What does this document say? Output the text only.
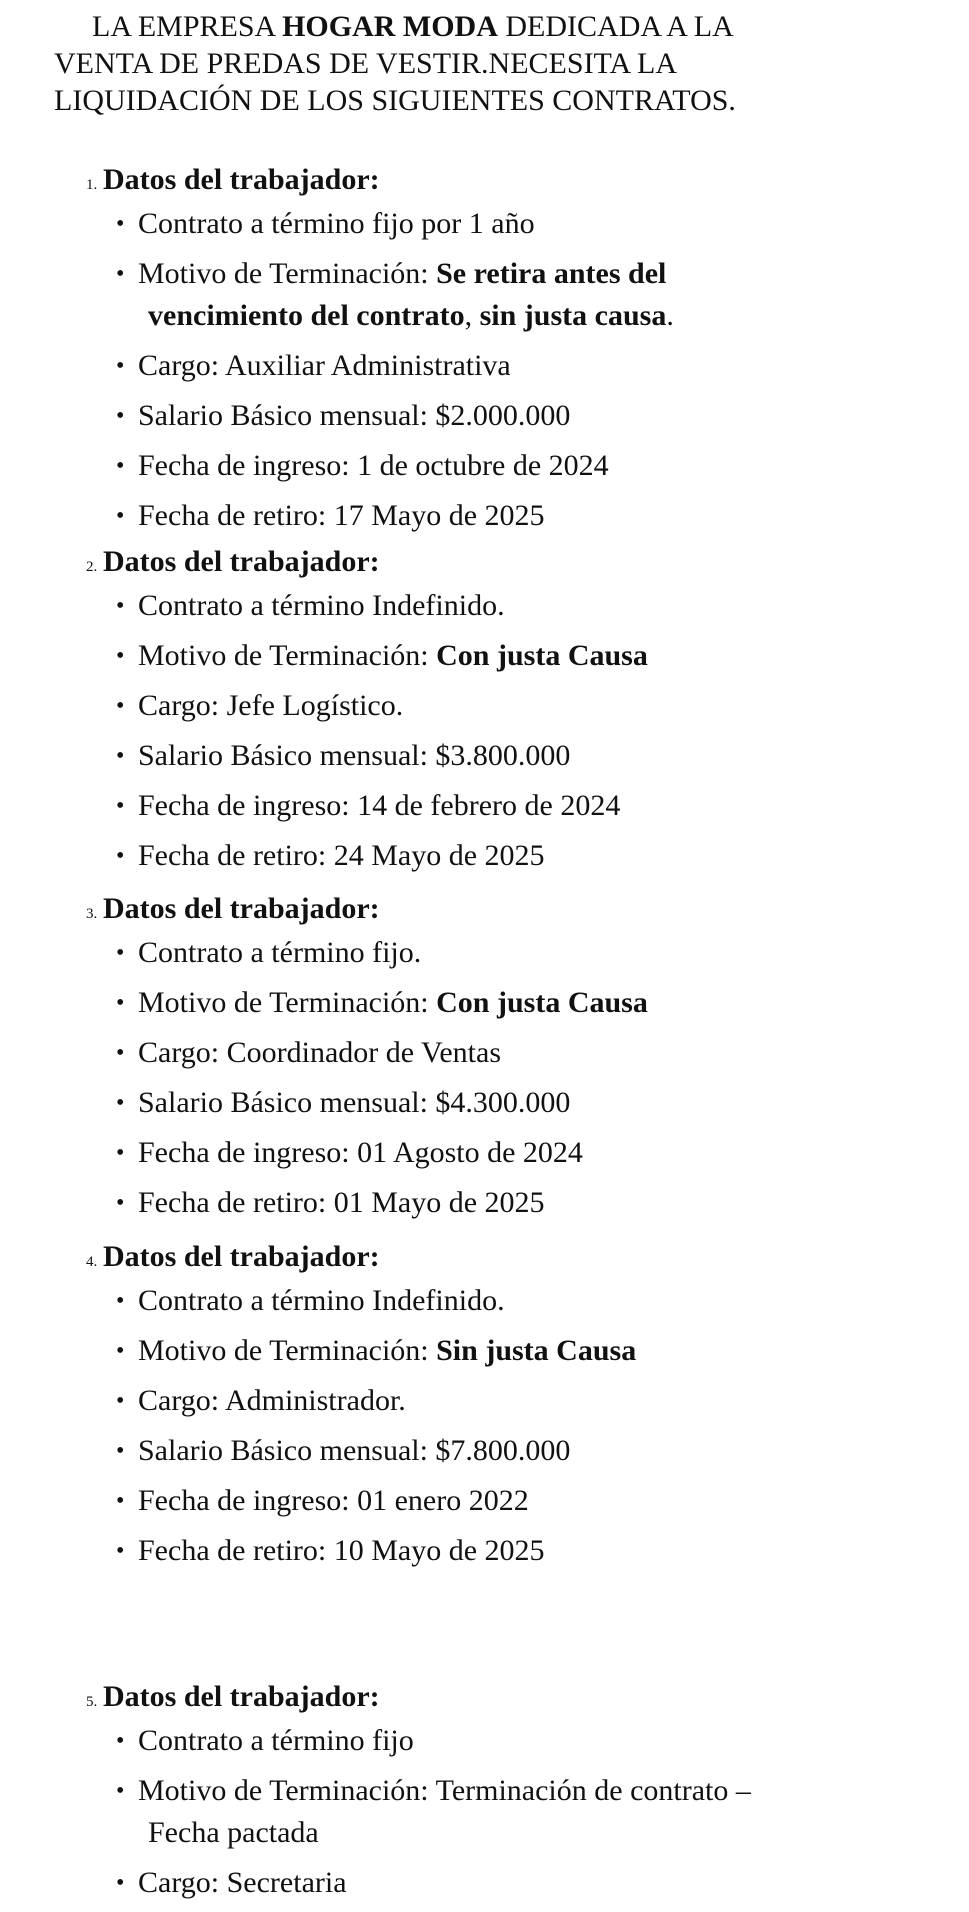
LA EMPRESA HOGAR MODA DEDICADA A LA
VENTA DE PREDAS DE VESTIR.NECESITA LA
LIQUIDACIÓN DE LOS SIGUIENTES CONTRATOS.
1. Datos del trabajador:
• Contrato a término fijo por 1 año
• Motivo de Terminación: Se retira antes del
vencimiento del contrato, sin justa causa.
• Cargo: Auxiliar Administrativa
• Salario Básico mensual: $2.000.000
• Fecha de ingreso: 1 de octubre de 2024
• Fecha de retiro: 17 Mayo de 2025
2. Datos del trabajador:
• Contrato a término Indefinido.
• Motivo de Terminación: Con justa Causa
• Cargo: Jefe Logístico.
• Salario Básico mensual: $3.800.000
• Fecha de ingreso: 14 de febrero de 2024
• Fecha de retiro: 24 Mayo de 2025
3. Datos del trabajador:
• Contrato a término fijo.
• Motivo de Terminación: Con justa Causa
• Cargo: Coordinador de Ventas
• Salario Básico mensual: $4.300.000
• Fecha de ingreso: 01 Agosto de 2024
• Fecha de retiro: 01 Mayo de 2025
4. Datos del trabajador:
• Contrato a término Indefinido.
• Motivo de Terminación: Sin justa Causa
• Cargo: Administrador.
• Salario Básico mensual: $7.800.000
• Fecha de ingreso: 01 enero 2022
• Fecha de retiro: 10 Mayo de 2025
5. Datos del trabajador:
• Contrato a término fijo
• Motivo de Terminación: Terminación de contrato –
Fecha pactada
• Cargo: Secretaria
